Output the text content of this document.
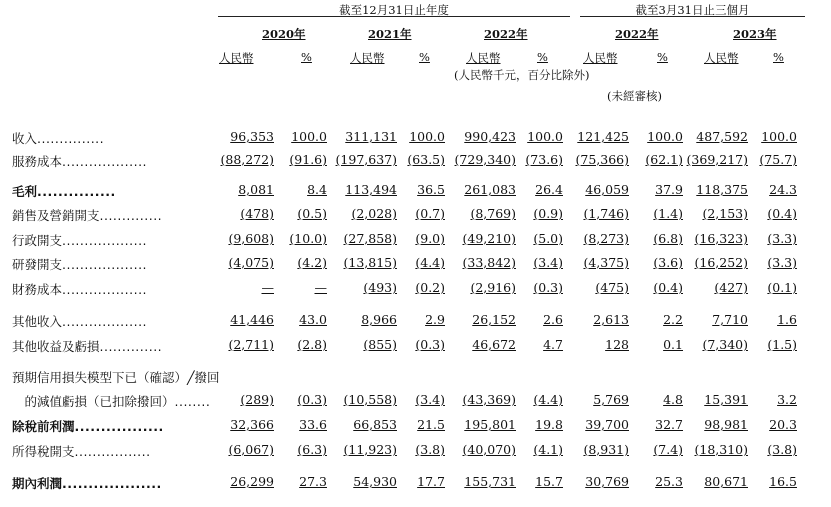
截至12月31日止年度	截至3月31日止三個月
2020年	2021年	2022年	2022年	2023年
人民幣	%	人民幣	%	人民幣	%	人民幣	%	人民幣	%
(人民幣千元，百分比除外)
(未經審核)
收入...............	96,353 100.0 311,131 100.0 990,423 100.0 121,425 100.0 487,592 100.0
服務成本...................	(88,272) (91.6) (197,637) (63.5) (729,340) (73.6) (75,366) (62.1) (369,217) (75.7)
毛利...............	8,081	8.4 113,494 36.5 261,083 26.4 46,059 37.9 118,375 24.3
銷售及營銷開支..............	(478) (0.5) (2,028) (0.7) (8,769) (0.9) (1,746) (1.4) (2,153) (0.4)
行政開支...................	(9,608) (10.0) (27,858) (9.0) (49,210) (5.0) (8,273) (6.8) (16,323) (3.3)
研發開支...................	(4,075) (4.2) (13,815) (4.4) (33,842) (3.4) (4,375) (3.6) (16,252) (3.3)
財務成本...................	—	—	(493) (0.2) (2,916) (0.3)	(475) (0.4)	(427) (0.1)
其他收入...................	41,446 43.0	8,966 2.9 26,152 2.6 2,613	2.2 7,710 1.6
其他收益及虧損..............	(2,711) (2.8)	(855) (0.3) 46,672 4.7	128	0.1 (7,340) (1.5)
預期信用損失模型下已（確認）╱撥回
　的減值虧損（已扣除撥回）........ (289) (0.3) (10,558) (3.4) (43,369) (4.4) 5,769	4.8 15,391 3.2
除稅前利潤.................	32,366 33.6 66,853 21.5 195,801 19.8 39,700 32.7 98,981 20.3
所得稅開支.................	(6,067) (6.3) (11,923) (3.8) (40,070) (4.1) (8,931) (7.4) (18,310) (3.8)
期內利潤...................	26,299 27.3 54,930 17.7 155,731 15.7 30,769 25.3 80,671 16.5
